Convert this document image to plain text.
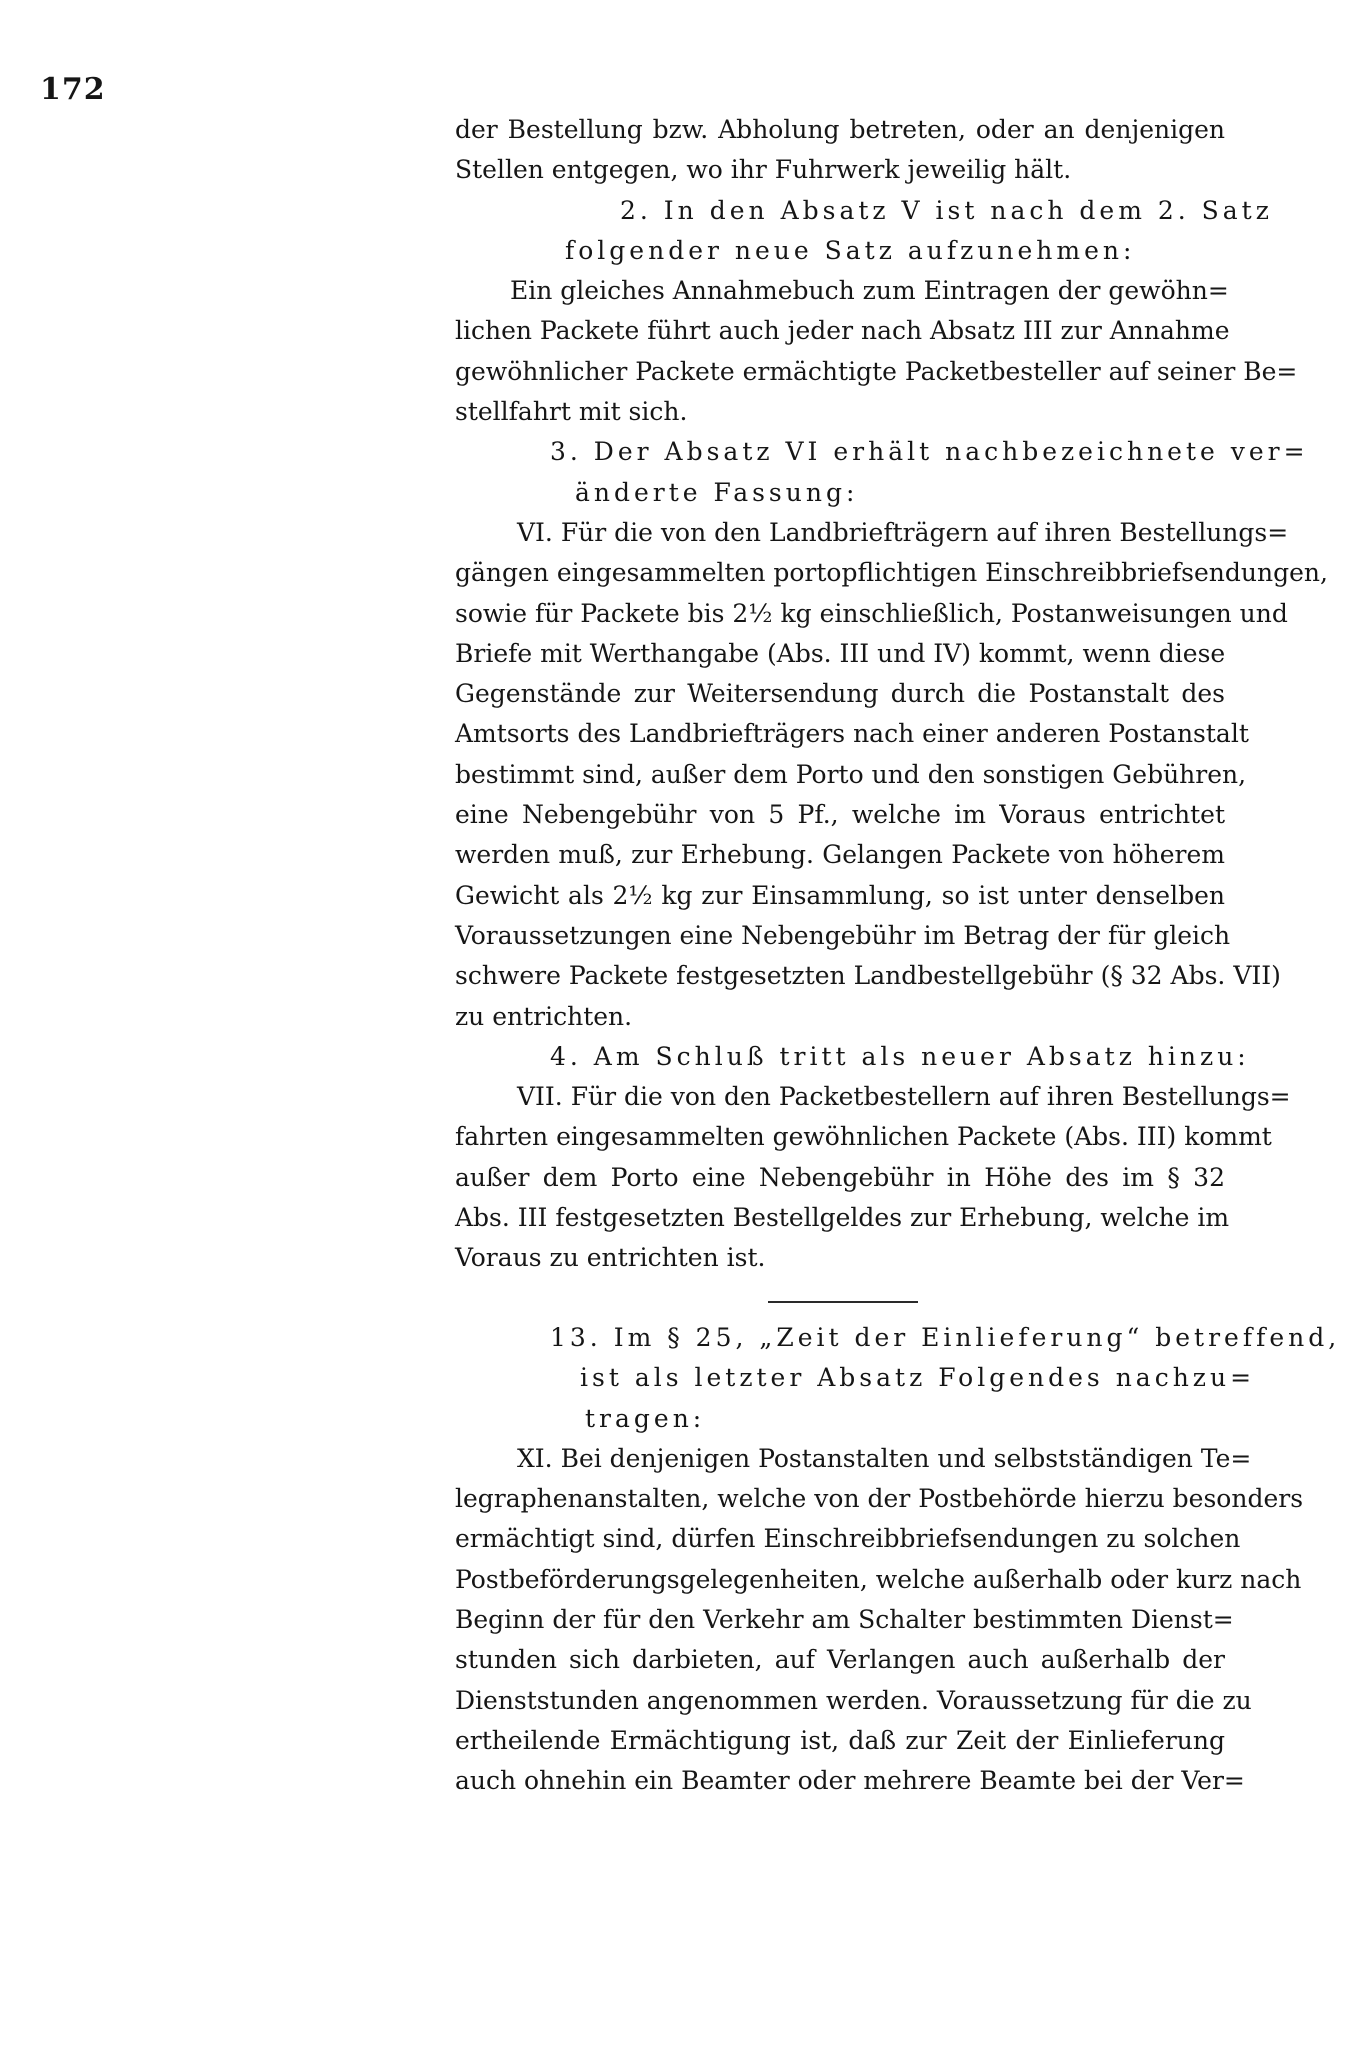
172
der Bestellung bzw. Abholung betreten, oder an denjenigen
Stellen entgegen, wo ihr Fuhrwerk jeweilig hält.
2. In den Absatz V ist nach dem 2. Satz
folgender neue Satz aufzunehmen:
Ein gleiches Annahmebuch zum Eintragen der gewöhn=
lichen Packete führt auch jeder nach Absatz III zur Annahme
gewöhnlicher Packete ermächtigte Packetbesteller auf seiner Be=
stellfahrt mit sich.
3. Der Absatz VI erhält nachbezeichnete ver=
änderte Fassung:
VI. Für die von den Landbriefträgern auf ihren Bestellungs=
gängen eingesammelten portopflichtigen Einschreibbriefsendungen,
sowie für Packete bis 2½ kg einschließlich, Postanweisungen und
Briefe mit Werthangabe (Abs. III und IV) kommt, wenn diese
Gegenstände zur Weitersendung durch die Postanstalt des
Amtsorts des Landbriefträgers nach einer anderen Postanstalt
bestimmt sind, außer dem Porto und den sonstigen Gebühren,
eine Nebengebühr von 5 Pf., welche im Voraus entrichtet
werden muß, zur Erhebung. Gelangen Packete von höherem
Gewicht als 2½ kg zur Einsammlung, so ist unter denselben
Voraussetzungen eine Nebengebühr im Betrag der für gleich
schwere Packete festgesetzten Landbestellgebühr (§ 32 Abs. VII)
zu entrichten.
4. Am Schluß tritt als neuer Absatz hinzu:
VII. Für die von den Packetbestellern auf ihren Bestellungs=
fahrten eingesammelten gewöhnlichen Packete (Abs. III) kommt
außer dem Porto eine Nebengebühr in Höhe des im § 32
Abs. III festgesetzten Bestellgeldes zur Erhebung, welche im
Voraus zu entrichten ist.
13. Im § 25, „Zeit der Einlieferung“ betreffend,
ist als letzter Absatz Folgendes nachzu=
tragen:
XI. Bei denjenigen Postanstalten und selbstständigen Te=
legraphenanstalten, welche von der Postbehörde hierzu besonders
ermächtigt sind, dürfen Einschreibbriefsendungen zu solchen
Postbeförderungsgelegenheiten, welche außerhalb oder kurz nach
Beginn der für den Verkehr am Schalter bestimmten Dienst=
stunden sich darbieten, auf Verlangen auch außerhalb der
Dienststunden angenommen werden. Voraussetzung für die zu
ertheilende Ermächtigung ist, daß zur Zeit der Einlieferung
auch ohnehin ein Beamter oder mehrere Beamte bei der Ver=
